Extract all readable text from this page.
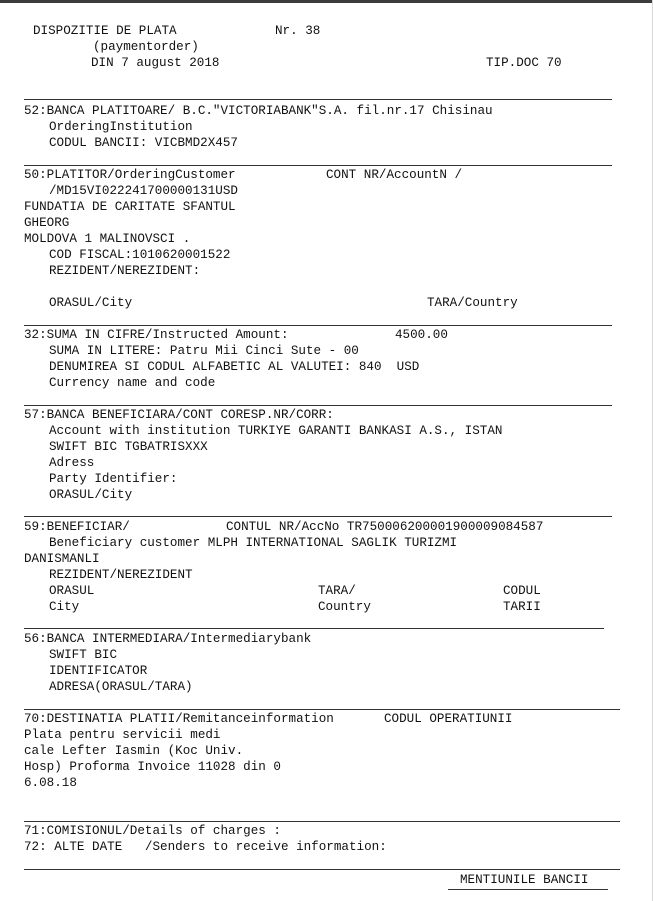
DISPOZITIE DE PLATA	Nr. 38
(paymentorder)
DIN 7 august 2018	TIP.DOC 70
52:BANCA PLATITOARE/ B.C."VICTORIABANK"S.A. fil.nr.17 Chisinau
OrderingInstitution
CODUL BANCII: VICBMD2X457
50:PLATITOR/OrderingCustomer	CONT NR/AccountN /
/MD15VI022241700000131USD
FUNDATIA DE CARITATE SFANTUL
GHEORG
MOLDOVA 1 MALINOVSCI .
COD FISCAL:1010620001522
REZIDENT/NEREZIDENT:
ORASUL/City	TARA/Country
32:SUMA IN CIFRE/Instructed Amount:	4500.00
SUMA IN LITERE: Patru Mii Cinci Sute - 00
DENUMIREA SI CODUL ALFABETIC AL VALUTEI: 840  USD
Currency name and code
57:BANCA BENEFICIARA/CONT CORESP.NR/CORR:
Account with institution TURKIYE GARANTI BANKASI A.S., ISTAN
SWIFT BIC TGBATRISXXX
Adress
Party Identifier:
ORASUL/City
59:BENEFICIAR/	CONTUL NR/AccNo TR750006200001900009084587
Beneficiary customer MLPH INTERNATIONAL SAGLIK TURIZMI
DANISMANLI
REZIDENT/NEREZIDENT
ORASUL	TARA/	CODUL
City	Country	TARII
56:BANCA INTERMEDIARA/Intermediarybank
SWIFT BIC
IDENTIFICATOR
ADRESA(ORASUL/TARA)
70:DESTINATIA PLATII/Remitanceinformation	CODUL OPERATIUNII
Plata pentru servicii medi
cale Lefter Iasmin (Koc Univ.
Hosp) Proforma Invoice 11028 din 0
6.08.18
71:COMISIONUL/Details of charges :
72: ALTE DATE   /Senders to receive information:
MENTIUNILE BANCII
